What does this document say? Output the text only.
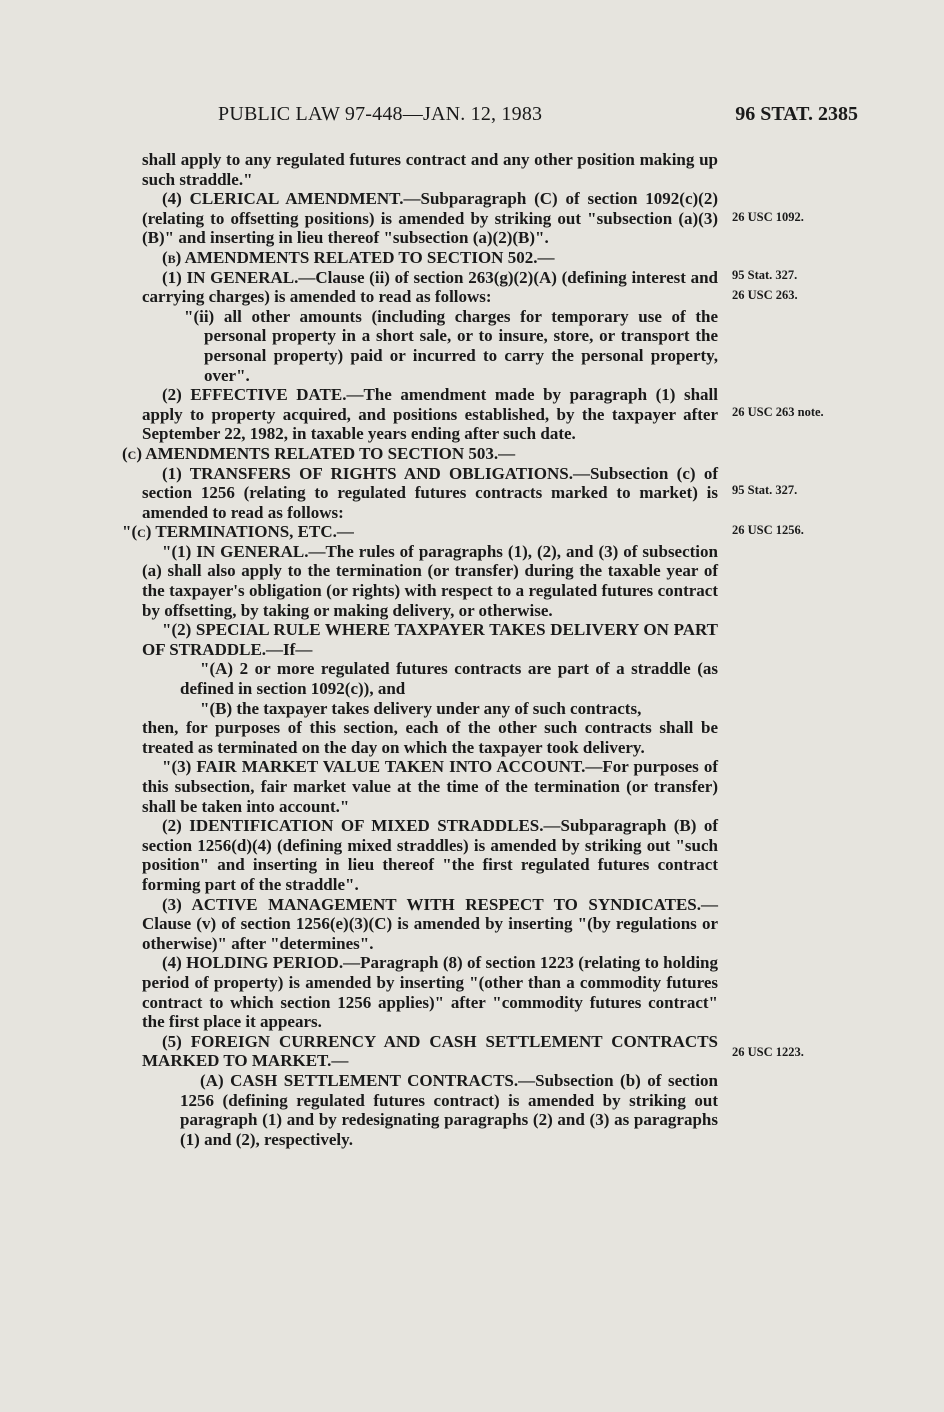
PUBLIC LAW 97-448—JAN. 12, 1983	96 STAT. 2385

shall apply to any regulated futures contract and any other position making up such straddle."

(4) CLERICAL AMENDMENT.—Subparagraph (C) of section 1092(c)(2) (relating to offsetting positions) is amended by striking out "subsection (a)(3)(B)" and inserting in lieu thereof "subsection (a)(2)(B)".

(b) AMENDMENTS RELATED TO SECTION 502.—

(1) IN GENERAL.—Clause (ii) of section 263(g)(2)(A) (defining interest and carrying charges) is amended to read as follows:

"(ii) all other amounts (including charges for temporary use of the personal property in a short sale, or to insure, store, or transport the personal property) paid or incurred to carry the personal property, over".

(2) EFFECTIVE DATE.—The amendment made by paragraph (1) shall apply to property acquired, and positions established, by the taxpayer after September 22, 1982, in taxable years ending after such date.

(c) AMENDMENTS RELATED TO SECTION 503.—

(1) TRANSFERS OF RIGHTS AND OBLIGATIONS.—Subsection (c) of section 1256 (relating to regulated futures contracts marked to market) is amended to read as follows:

"(c) TERMINATIONS, ETC.—

"(1) IN GENERAL.—The rules of paragraphs (1), (2), and (3) of subsection (a) shall also apply to the termination (or transfer) during the taxable year of the taxpayer's obligation (or rights) with respect to a regulated futures contract by offsetting, by taking or making delivery, or otherwise.

"(2) SPECIAL RULE WHERE TAXPAYER TAKES DELIVERY ON PART OF STRADDLE.—If—

"(A) 2 or more regulated futures contracts are part of a straddle (as defined in section 1092(c)), and

"(B) the taxpayer takes delivery under any of such contracts,

then, for purposes of this section, each of the other such contracts shall be treated as terminated on the day on which the taxpayer took delivery.

"(3) FAIR MARKET VALUE TAKEN INTO ACCOUNT.—For purposes of this subsection, fair market value at the time of the termination (or transfer) shall be taken into account."

(2) IDENTIFICATION OF MIXED STRADDLES.—Subparagraph (B) of section 1256(d)(4) (defining mixed straddles) is amended by striking out "such position" and inserting in lieu thereof "the first regulated futures contract forming part of the straddle".

(3) ACTIVE MANAGEMENT WITH RESPECT TO SYNDICATES.—Clause (v) of section 1256(e)(3)(C) is amended by inserting "(by regulations or otherwise)" after "determines".

(4) HOLDING PERIOD.—Paragraph (8) of section 1223 (relating to holding period of property) is amended by inserting "(other than a commodity futures contract to which section 1256 applies)" after "commodity futures contract" the first place it appears.

(5) FOREIGN CURRENCY AND CASH SETTLEMENT CONTRACTS MARKED TO MARKET.—

(A) CASH SETTLEMENT CONTRACTS.—Subsection (b) of section 1256 (defining regulated futures contract) is amended by striking out paragraph (1) and by redesignating paragraphs (2) and (3) as paragraphs (1) and (2), respectively.

26 USC 1092.
95 Stat. 327.
26 USC 263.
26 USC 263 note.
95 Stat. 327.
26 USC 1256.
26 USC 1223.
